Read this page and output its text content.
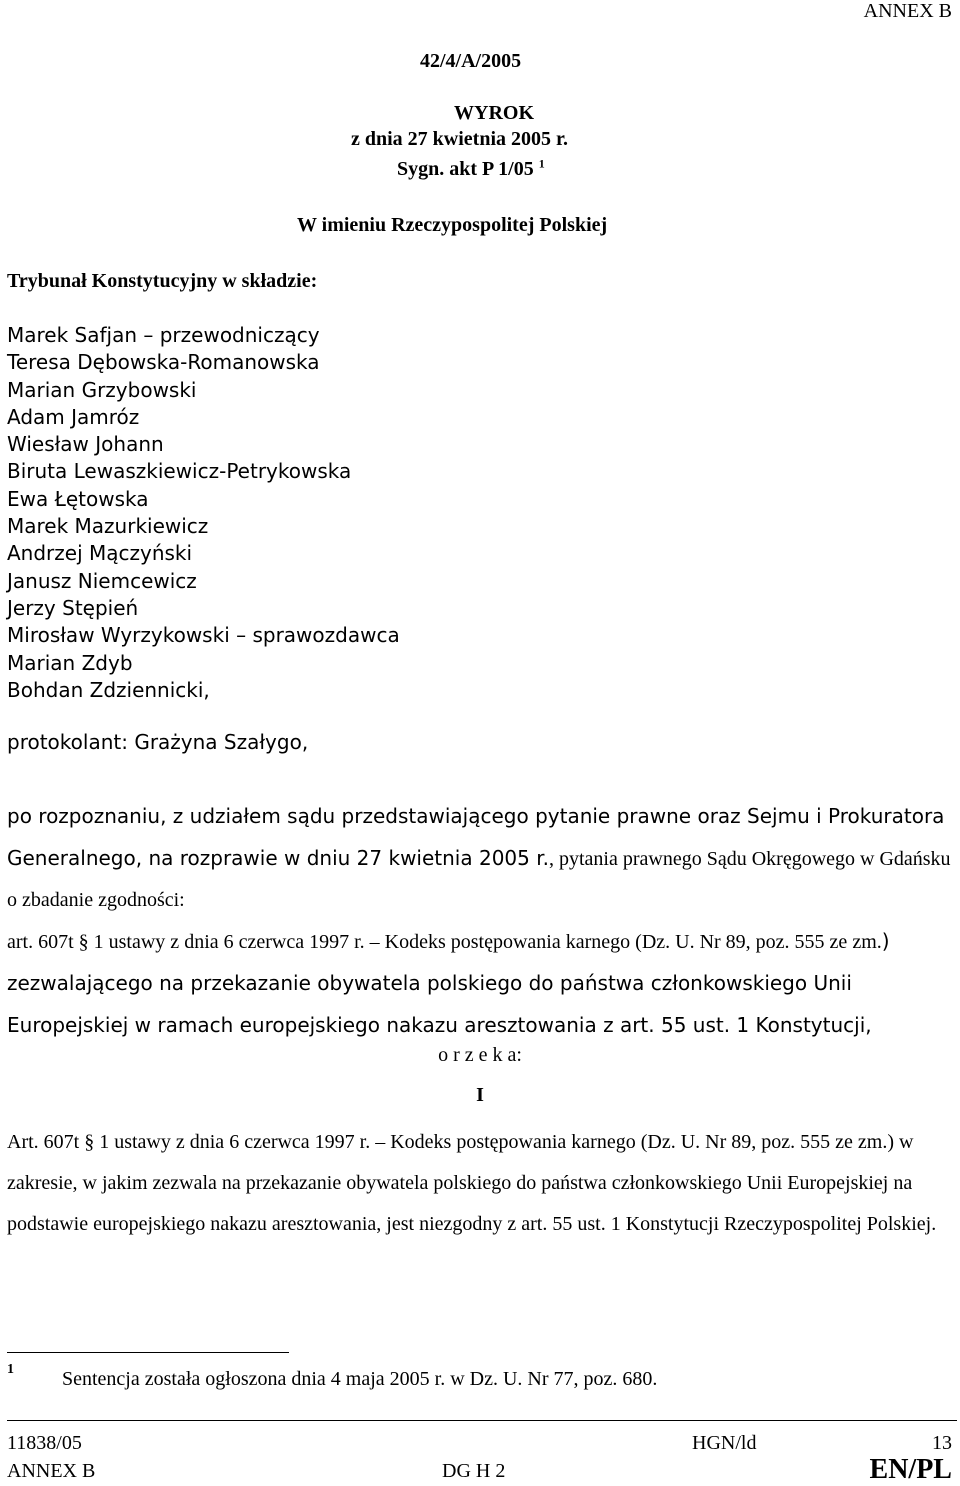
ANNEX B
42/4/A/2005
WYROK
z dnia 27 kwietnia 2005 r.
Sygn. akt P 1/05 $^1$
W imieniu Rzeczypospolitej Polskiej
Trybunał Konstytucyjny w składzie:
Marek Safjan – przewodniczący
Teresa Dębowska-Romanowska
Marian Grzybowski
Adam Jamróz
Wiesław Johann
Biruta Lewaszkiewicz-Petrykowska
Ewa Łętowska
Marek Mazurkiewicz
Andrzej Mączyński
Janusz Niemcewicz
Jerzy Stępień
Mirosław Wyrzykowski – sprawozdawca
Marian Zdyb
Bohdan Zdziennicki,
protokolant: Grażyna Szałygo,

po rozpoznaniu, z udziałem sądu przedstawiającego pytanie prawne oraz Sejmu i Prokuratora Generalnego, na rozprawie w dniu 27 kwietnia 2005 r., pytania prawnego Sądu Okręgowego w Gdańsku o zbadanie zgodności:
art. 607t § 1 ustawy z dnia 6 czerwca 1997 r. – Kodeks postępowania karnego (Dz. U. Nr 89, poz. 555 ze zm.) zezwalającego na przekazanie obywatela polskiego do państwa członkowskiego Unii Europejskiej w ramach europejskiego nakazu aresztowania z art. 55 ust. 1 Konstytucji,

o r z e k a:
I

Art. 607t § 1 ustawy z dnia 6 czerwca 1997 r. – Kodeks postępowania karnego (Dz. U. Nr 89, poz. 555 ze zm.) w zakresie, w jakim zezwala na przekazanie obywatela polskiego do państwa członkowskiego Unii Europejskiej na podstawie europejskiego nakazu aresztowania, jest niezgodny z art. 55 ust. 1 Konstytucji Rzeczypospolitej Polskiej.

1 Sentencja została ogłoszona dnia 4 maja 2005 r. w Dz. U. Nr 77, poz. 680.
11838/05	HGN/ld	13
ANNEX B	DG H 2	EN/PL
